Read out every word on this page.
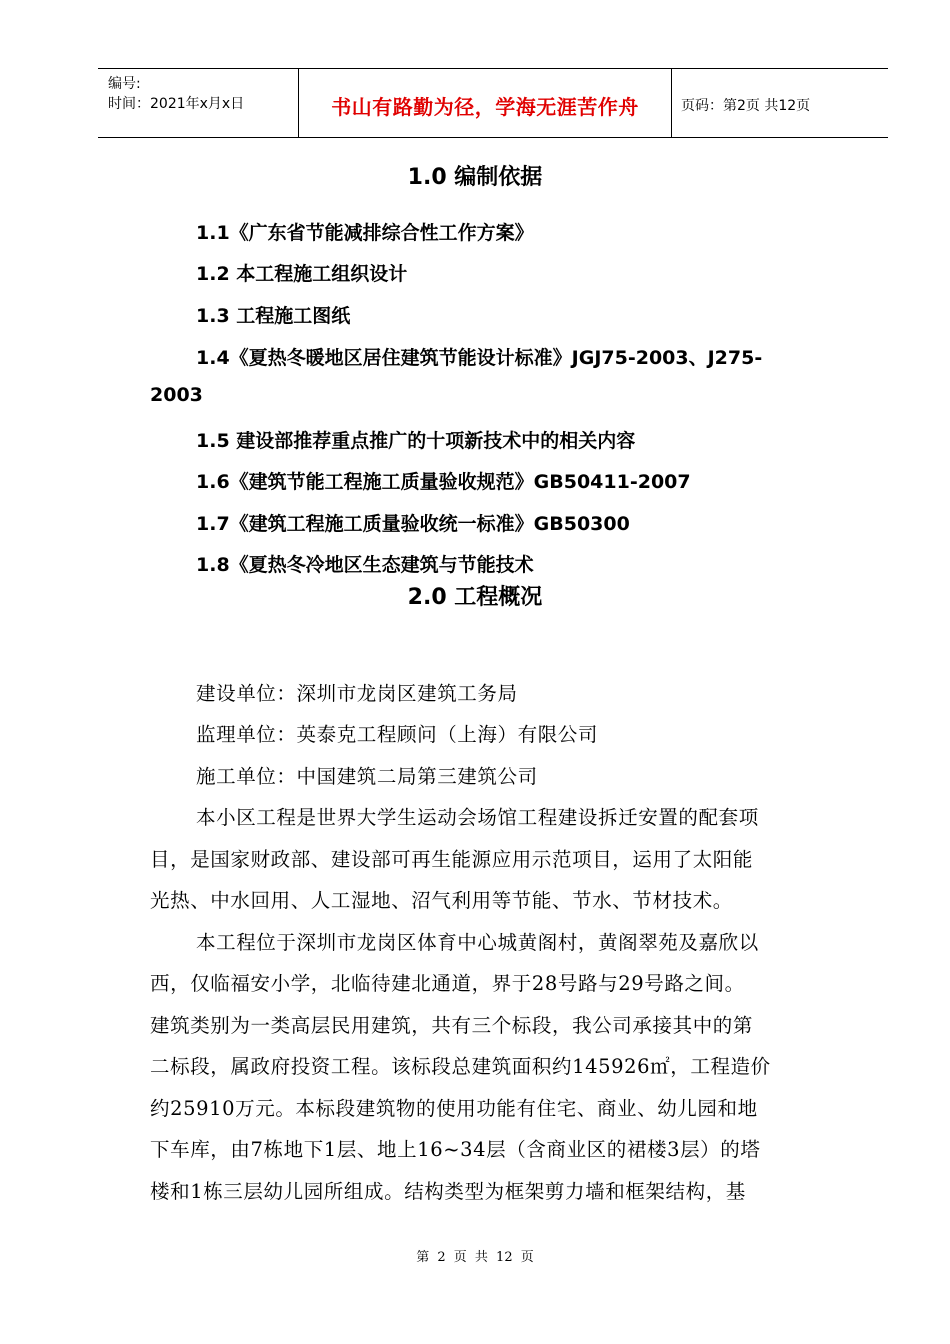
编号:
时间：2021年x月x日	书山有路勤为径，学海无涯苦作舟	页码：第2页 共12页
1.0 编制依据
1.1《广东省节能减排综合性工作方案》
1.2 本工程施工组织设计
1.3 工程施工图纸
1.4《夏热冬暖地区居住建筑节能设计标准》JGJ75-2003、J275-
2003
1.5 建设部推荐重点推广的十项新技术中的相关内容
1.6《建筑节能工程施工质量验收规范》GB50411-2007
1.7《建筑工程施工质量验收统一标准》GB50300
1.8《夏热冬冷地区生态建筑与节能技术
2.0 工程概况
建设单位：深圳市龙岗区建筑工务局
监理单位：英泰克工程顾问（上海）有限公司
施工单位：中国建筑二局第三建筑公司
本小区工程是世界大学生运动会场馆工程建设拆迁安置的配套项
目，是国家财政部、建设部可再生能源应用示范项目，运用了太阳能
光热、中水回用、人工湿地、沼气利用等节能、节水、节材技术。
本工程位于深圳市龙岗区体育中心城黄阁村，黄阁翠苑及嘉欣以
西，仅临福安小学，北临待建北通道，界于28号路与29号路之间。
建筑类别为一类高层民用建筑，共有三个标段，我公司承接其中的第
二标段，属政府投资工程。该标段总建筑面积约145926㎡，工程造价
约25910万元。本标段建筑物的使用功能有住宅、商业、幼儿园和地
下车库，由7栋地下1层、地上16~34层（含商业区的裙楼3层）的塔
楼和1栋三层幼儿园所组成。结构类型为框架剪力墙和框架结构，基
第 2 页 共 12 页
